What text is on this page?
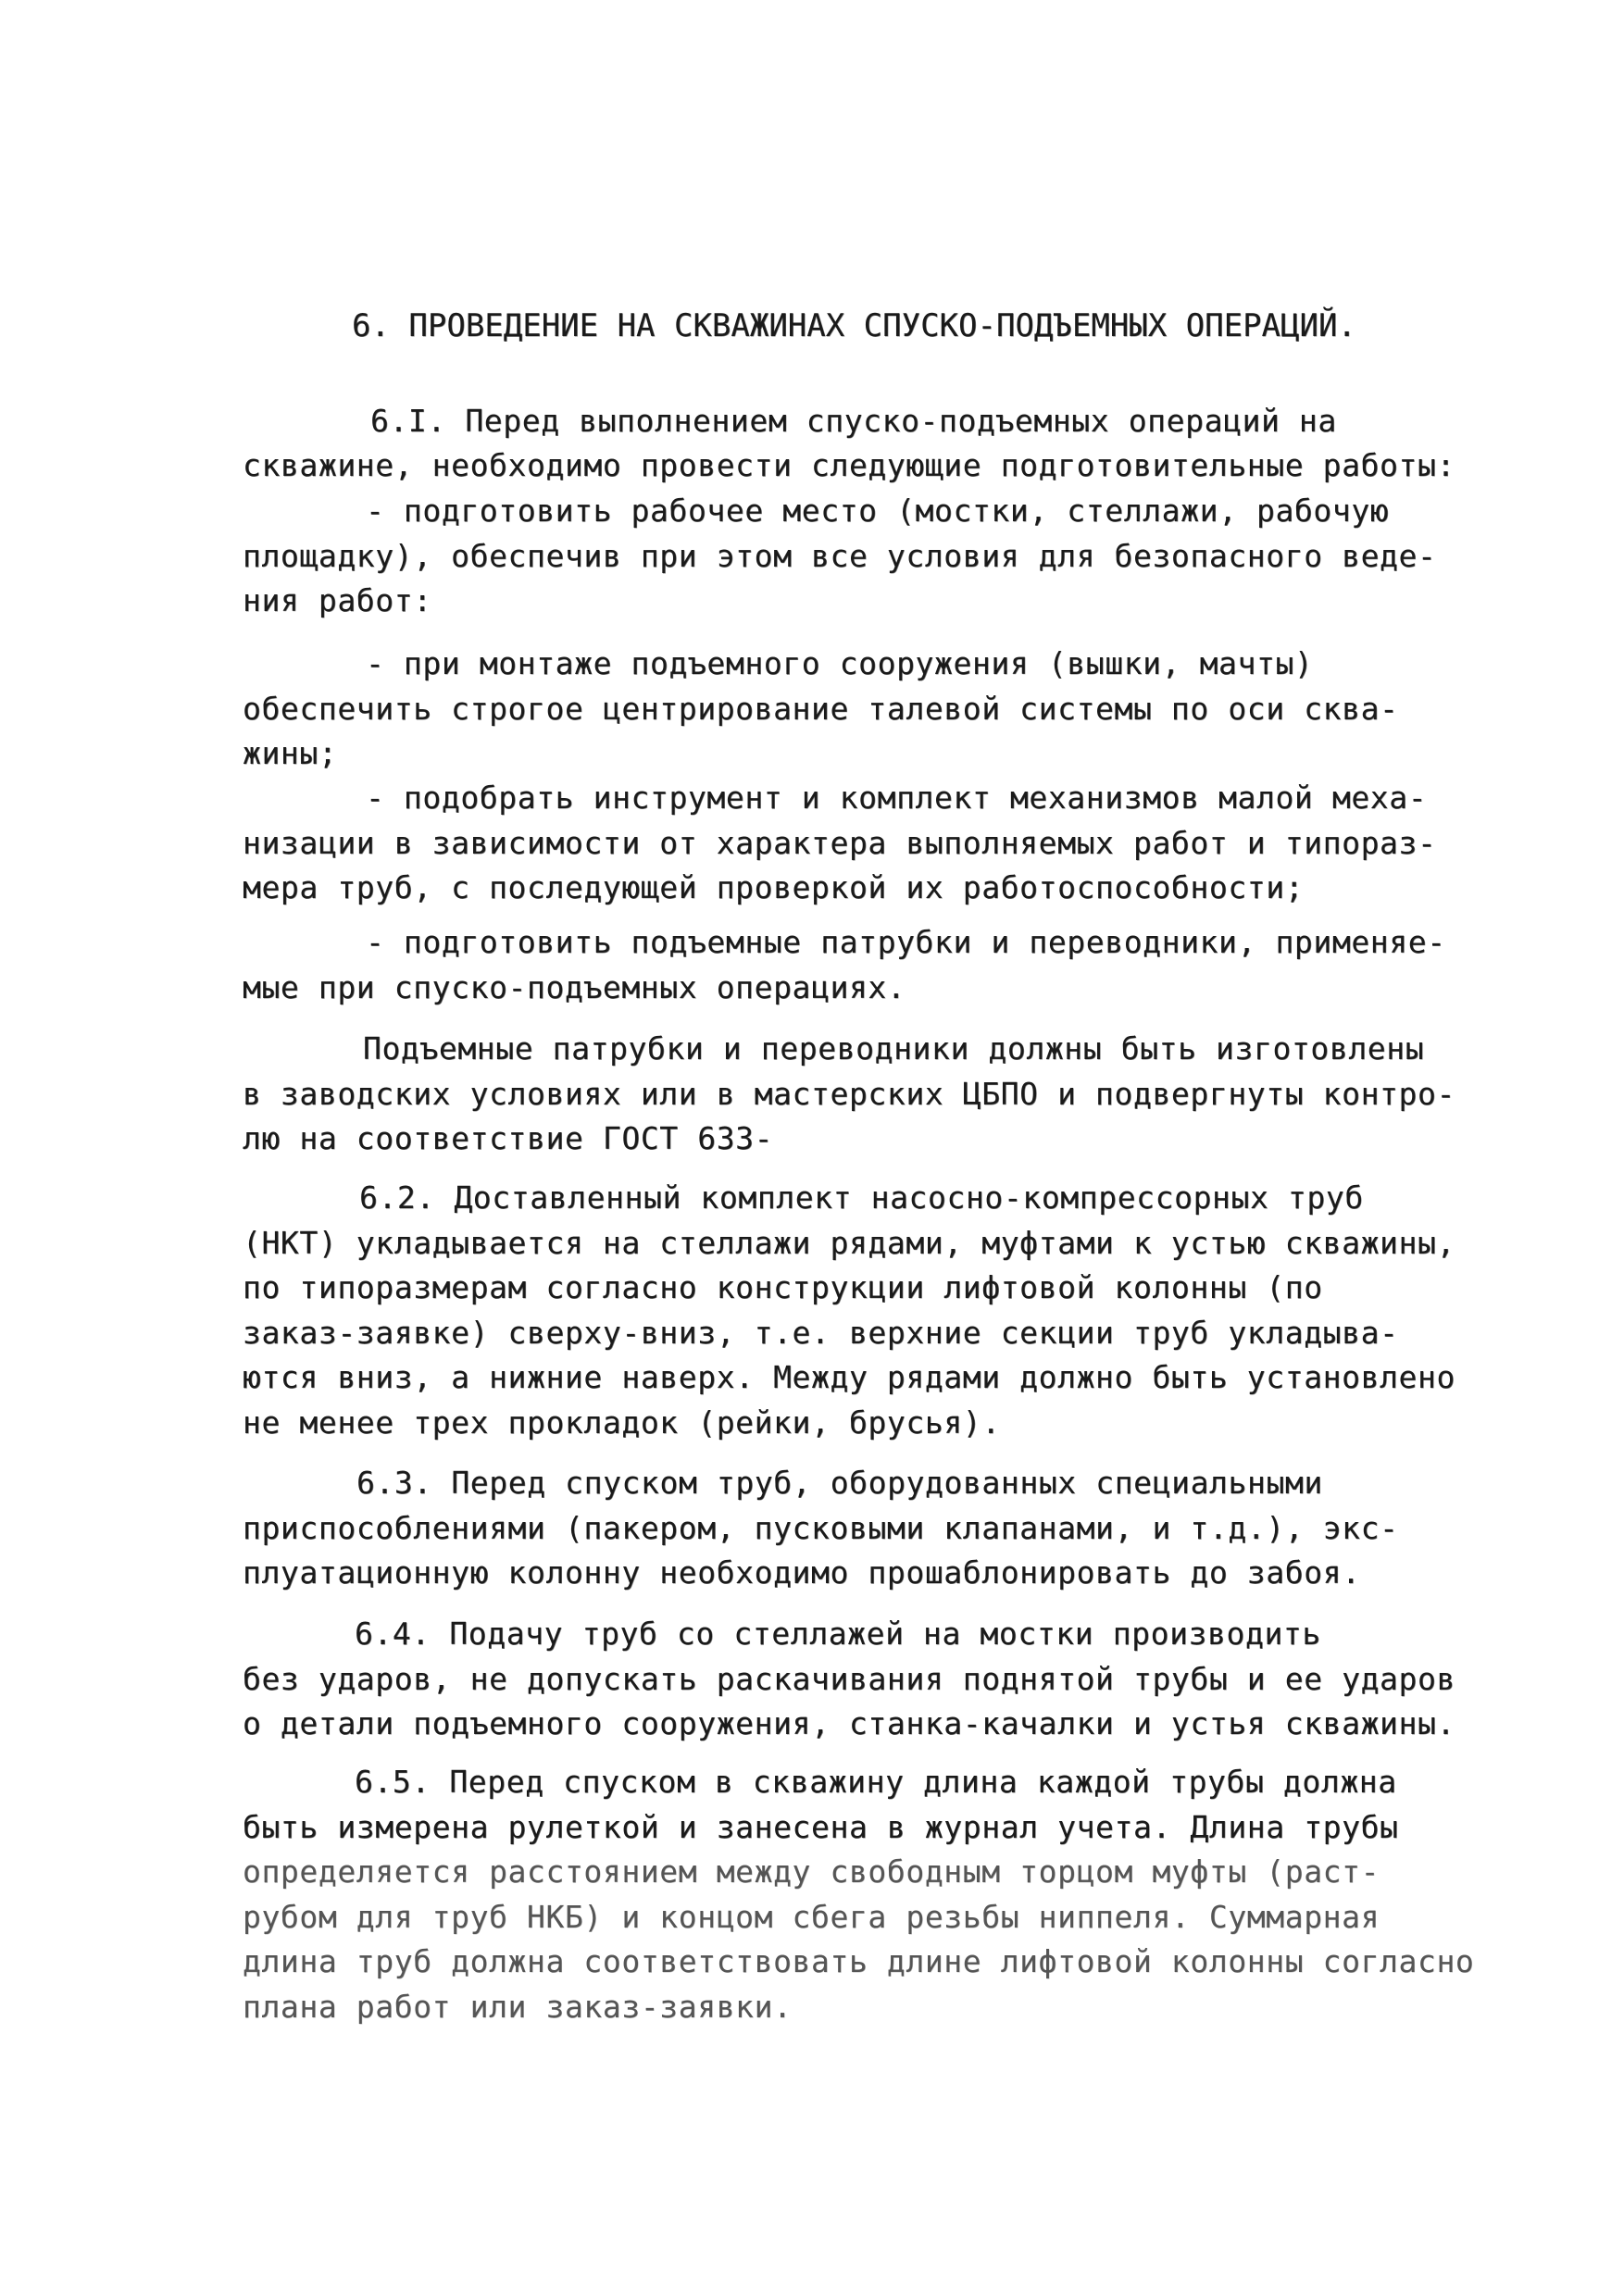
6. ПРОВЕДЕНИЕ НА СКВАЖИНАХ СПУСКО-ПОДЪЕМНЫХ ОПЕРАЦИЙ.
6.I. Перед выполнением спуско-подъемных операций на
скважине, необходимо провести следующие подготовительные работы:
- подготовить рабочее место (мостки, стеллажи, рабочую
площадку), обеспечив при этом все условия для безопасного веде-
ния работ:
- при монтаже подъемного сооружения (вышки, мачты)
обеспечить строгое центрирование талевой системы по оси сква-
жины;
- подобрать инструмент и комплект механизмов малой меха-
низации в зависимости от характера выполняемых работ и типораз-
мера труб, с последующей проверкой их работоспособности;
- подготовить подъемные патрубки и переводники, применяе-
мые при спуско-подъемных операциях.
Подъемные патрубки и переводники должны быть изготовлены
в заводских условиях или в мастерских ЦБПО и подвергнуты контро-
лю на соответствие ГОСТ 633-
6.2. Доставленный комплект насосно-компрессорных труб
(НКТ) укладывается на стеллажи рядами, муфтами к устью скважины,
по типоразмерам согласно конструкции лифтовой колонны (по
заказ-заявке) сверху-вниз, т.е. верхние секции труб укладыва-
ются вниз, а нижние наверх. Между рядами должно быть установлено
не менее трех прокладок (рейки, брусья).
6.3. Перед спуском труб, оборудованных специальными
приспособлениями (пакером, пусковыми клапанами, и т.д.), экс-
плуатационную колонну необходимо прошаблонировать до забоя.
6.4. Подачу труб со стеллажей на мостки производить
без ударов, не допускать раскачивания поднятой трубы и ее ударов
о детали подъемного сооружения, станка-качалки и устья скважины.
6.5. Перед спуском в скважину длина каждой трубы должна
быть измерена рулеткой и занесена в журнал учета. Длина трубы
определяется расстоянием между свободным торцом муфты (раст-
рубом для труб НКБ) и концом сбега резьбы ниппеля. Суммарная
длина труб должна соответствовать длине лифтовой колонны согласно
плана работ или заказ-заявки.
